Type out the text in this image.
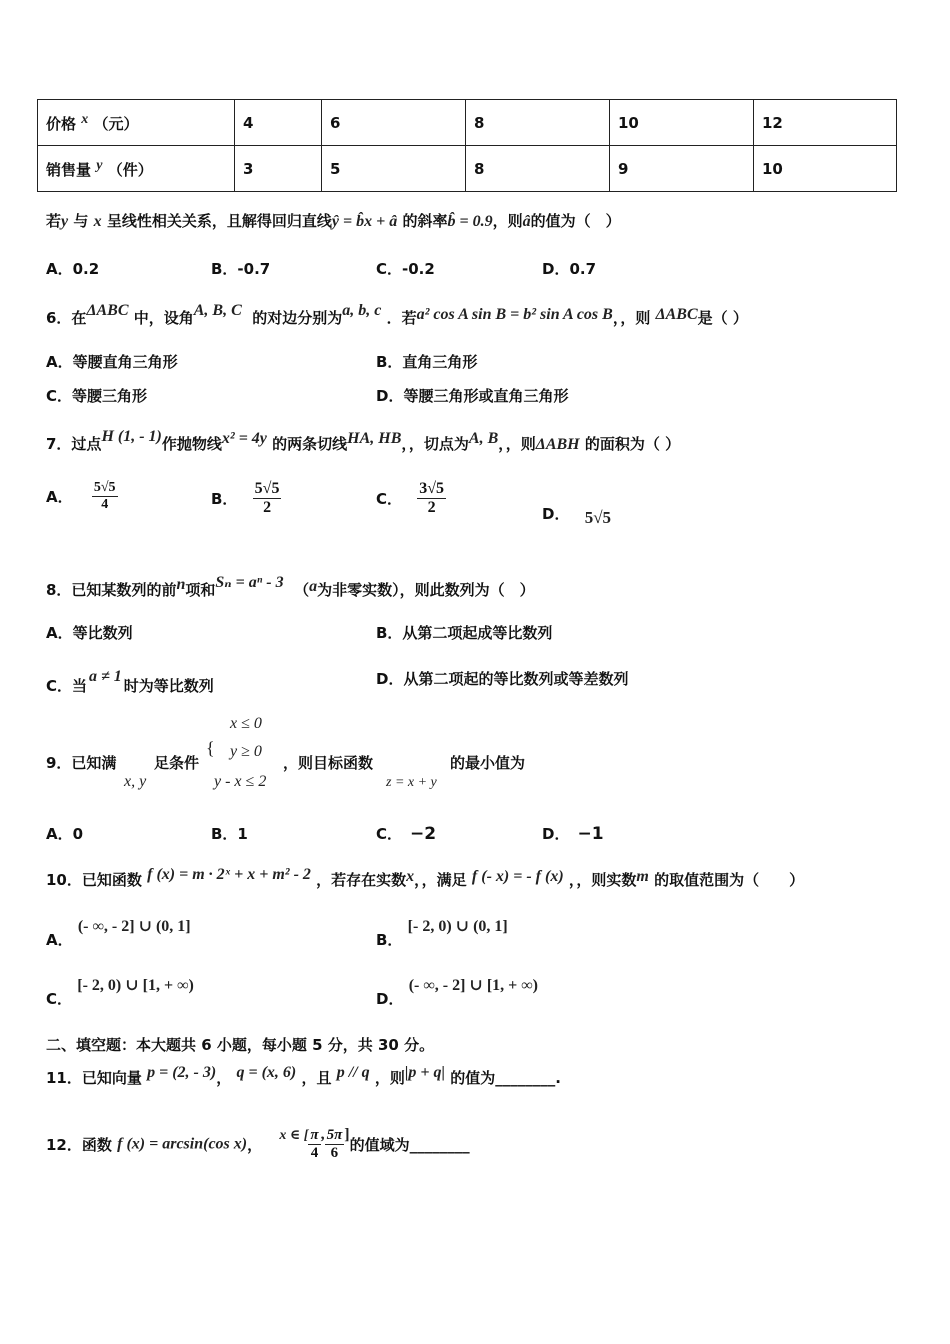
价格 x （元）	4	6	8	10	12
销售量 y （件）	3	5	8	9	10
若y 与 x 呈线性相关关系，且解得回归直线ŷ = b̂x + â 的斜率b̂ = 0.9，则â的值为（　）
A．0.2	B．-0.7	C．-0.2	D．0.7
6．在ΔABC 中，设角A, B, C 的对边分别为a, b, c ．若a² cos A sin B = b² sin A cos B，，则 ΔABC是（ ）
A．等腰直角三角形	B．直角三角形
C．等腰三角形	D．等腰三角形或直角三角形
7．过点H (1, - 1)作抛物线x² = 4y 的两条切线HA, HB，，切点为A, B，，则ΔABH 的面积为（ ）
A． $\frac{5√5}{4}$	B． $\frac{5√5}{2}$	C． $\frac{3√5}{2}$	D． 5√5
8．已知某数列的前n项和Sₙ = aⁿ - 3 （a为非零实数），则此数列为（　）
A．等比数列	B．从第二项起成等比数列
C．当a ≠ 1时为等比数列	D．从第二项起的等比数列或等差数列
x ≤ 0
{ y ≥ 0
y - x ≤ 2
9．已知满	足条件
x, y
，则目标函数
z = x + y
的最小值为
A．0	B．1	C． −2	D． −1
10．已知函数 f (x) = m · 2ˣ + x + m² - 2 ，若存在实数x，，满足 f (- x) = - f (x) ，，则实数m 的取值范围为（　　）
A． (- ∞, - 2] ∪ (0, 1]
B． [- 2, 0) ∪ (0, 1]
C． [- 2, 0) ∪ [1, + ∞)
D． (- ∞, - 2] ∪ [1, + ∞)
二、填空题：本大题共 6 小题，每小题 5 分，共 30 分。
11．已知向量 p = (2, - 3)， q = (x, 6) ，且 p // q ，则|p + q| 的值为________.
12．函数 f (x) = arcsin(cos x)， x ∈ [ $\frac{\pi}{4}$ , $\frac{5\pi}{6}$ ]的值域为________
